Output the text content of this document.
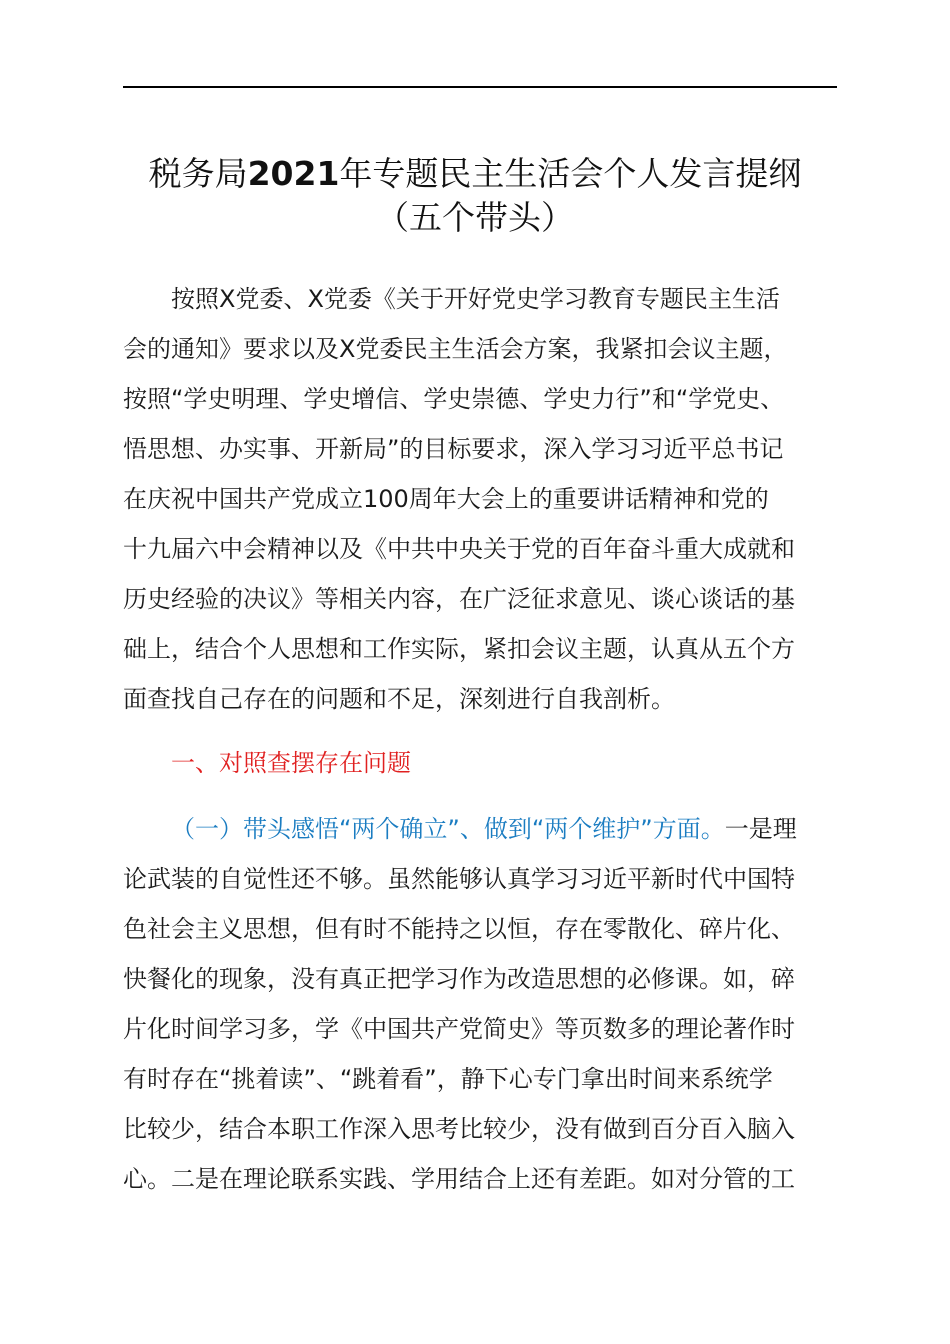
税务局2021年专题民主生活会个人发言提纲
（五个带头）
按照X党委、X党委《关于开好党史学习教育专题民主生活
会的通知》要求以及X党委民主生活会方案，我紧扣会议主题，
按照“学史明理、学史增信、学史崇德、学史力行”和“学党史、
悟思想、办实事、开新局”的目标要求，深入学习习近平总书记
在庆祝中国共产党成立100周年大会上的重要讲话精神和党的
十九届六中会精神以及《中共中央关于党的百年奋斗重大成就和
历史经验的决议》等相关内容，在广泛征求意见、谈心谈话的基
础上，结合个人思想和工作实际，紧扣会议主题，认真从五个方
面查找自己存在的问题和不足，深刻进行自我剖析。
一、对照查摆存在问题
（一）带头感悟“两个确立”、做到“两个维护”方面。一是理
论武装的自觉性还不够。虽然能够认真学习习近平新时代中国特
色社会主义思想，但有时不能持之以恒，存在零散化、碎片化、
快餐化的现象，没有真正把学习作为改造思想的必修课。如，碎
片化时间学习多，学《中国共产党简史》等页数多的理论著作时
有时存在“挑着读”、“跳着看”，静下心专门拿出时间来系统学
比较少，结合本职工作深入思考比较少，没有做到百分百入脑入
心。二是在理论联系实践、学用结合上还有差距。如对分管的工
